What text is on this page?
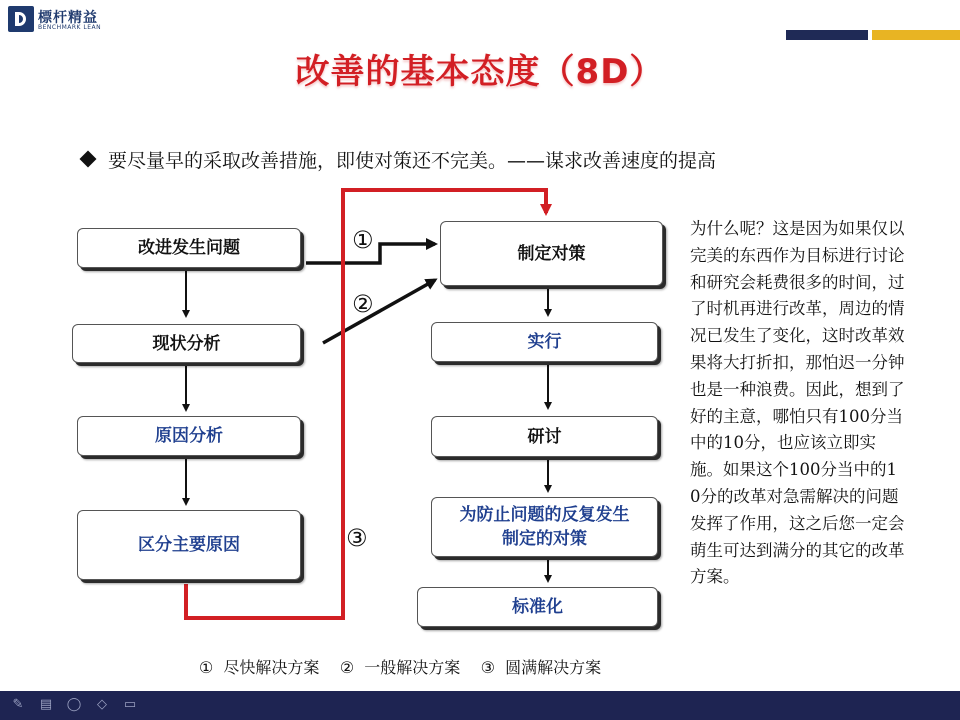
標杆精益
BENCHMARK LEAN
改善的基本态度（8D）
要尽量早的采取改善措施，即使对策还不完美。——谋求改善速度的提高
①
②
③
改进发生问题
现状分析
原因分析
区分主要原因
制定对策
实行
研讨
为防止问题的反复发生制定的对策
标准化
为什么呢？这是因为如果仅以完美的东西作为目标进行讨论和研究会耗费很多的时间，过了时机再进行改革，周边的情况已发生了变化，这时改革效果将大打折扣，那怕迟一分钟也是一种浪费。因此，想到了好的主意，哪怕只有100分当中的10分，也应该立即实施。如果这个100分当中的10分的改革对急需解决的问题发挥了作用，这之后您一定会萌生可达到满分的其它的改革方案。
①  尽快解决方案    ②  一般解决方案    ③  圆满解决方案
✎ ▤ ◯ ◇ ▭
